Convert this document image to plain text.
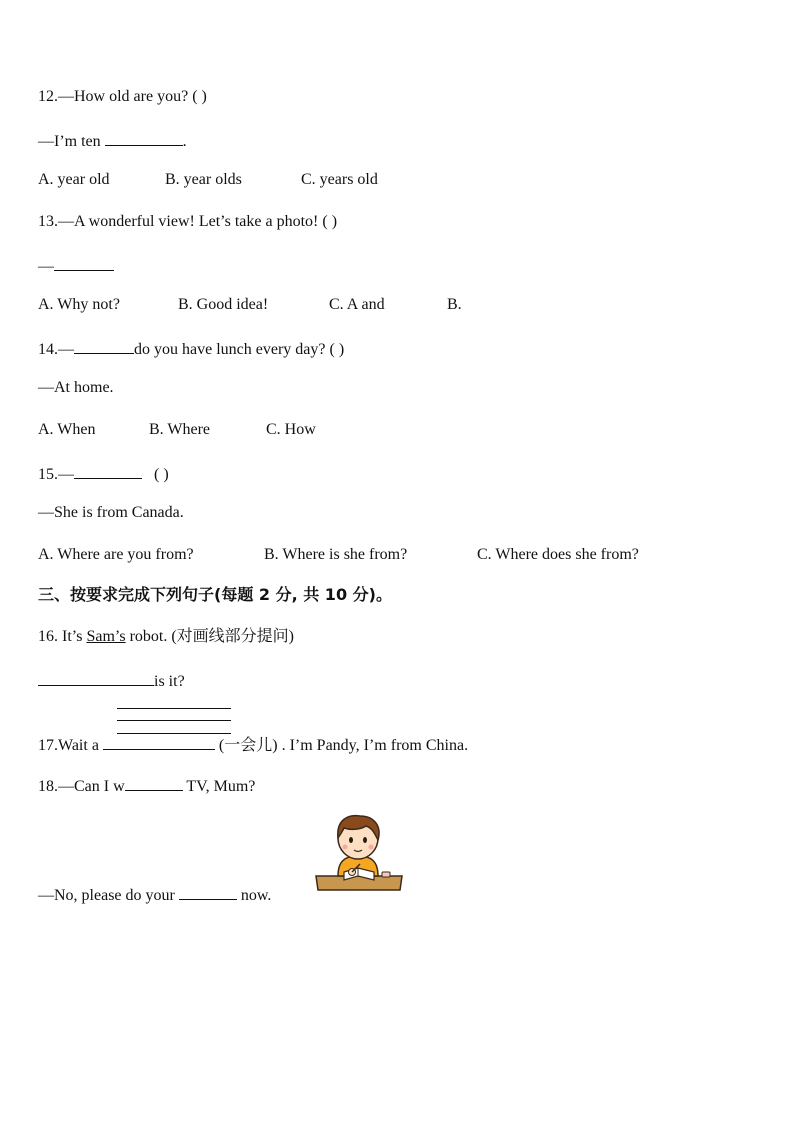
12.—How old are you? ( )
—I’m ten	.
A. year old	B. year olds	C. years old
13.—A wonderful view! Let’s take a photo! ( )
—
A. Why not?	B. Good idea!	C. A and	B.
14.—	do you have lunch every day? ( )
—At home.
A. When	B. Where	C. How
15.—	( )
—She is from Canada.
A. Where are you from?	B. Where is she from?	C. Where does she from?
三、按要求完成下列句子(每题 2 分, 共 10 分)。
16. It’s Sam’s robot. (对画线部分提问)
is it?
17.Wait a	(一会儿) . I’m Pandy, I’m from China.
18.—Can I w	TV, Mum?
—No, please do your	now.
